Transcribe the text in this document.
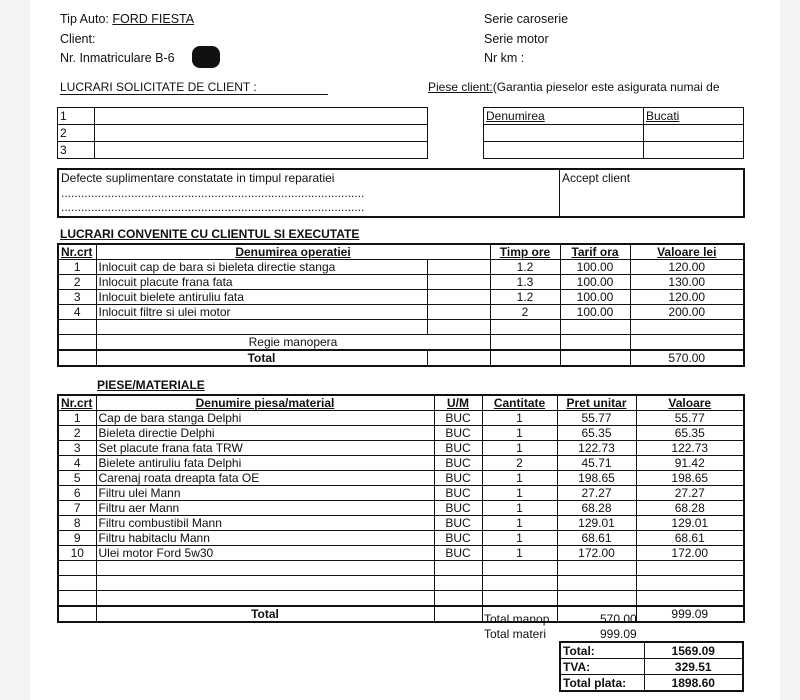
Tip Auto: FORD FIESTA
Client:
Nr. Inmatriculare B-6
Serie caroserie
Serie motor
Nr km :
LUCRARI SOLICITATE DE CLIENT :	Piese client:(Garantia pieselor este asigurata numai de
1	
2	
3	
Denumirea	Bucati

Defecte suplimentare constatate in timpul reparatiei
...........................................................................................
...........................................................................................
Accept client
LUCRARI CONVENITE CU CLIENTUL SI EXECUTATE
Nr.crt	Denumirea operatiei		Timp ore	Tarif ora	Valoare lei
1	Inlocuit cap de bara si bieleta directie stanga		1.2	100.00	120.00
2	Inlocuit placute frana fata		1.3	100.00	130.00
3	Inlocuit bielete antiruliu fata		1.2	100.00	120.00
4	Inlocuit filtre si ulei motor		2	100.00	200.00

	Regie manopera				
	Total				570.00
PIESE/MATERIALE
Nr.crt	Denumire piesa/material	U/M	Cantitate	Pret unitar	Valoare
1	Cap de bara stanga Delphi	BUC	1	55.77	55.77
2	Bieleta directie Delphi	BUC	1	65.35	65.35
3	Set placute frana fata TRW	BUC	1	122.73	122.73
4	Bielete antiruliu fata Delphi	BUC	2	45.71	91.42
5	Carenaj roata dreapta fata OE	BUC	1	198.65	198.65
6	Filtru ulei Mann	BUC	1	27.27	27.27
7	Filtru aer Mann	BUC	1	68.28	68.28
8	Filtru combustibil Mann	BUC	1	129.01	129.01
9	Filtru habitaclu Mann	BUC	1	68.61	68.61
10	Ulei motor Ford 5w30	BUC	1	172.00	172.00

	Total				999.09
Total manop	570.00
Total materi	999.09
Total:	1569.09
TVA:	329.51
Total plata:	1898.60
